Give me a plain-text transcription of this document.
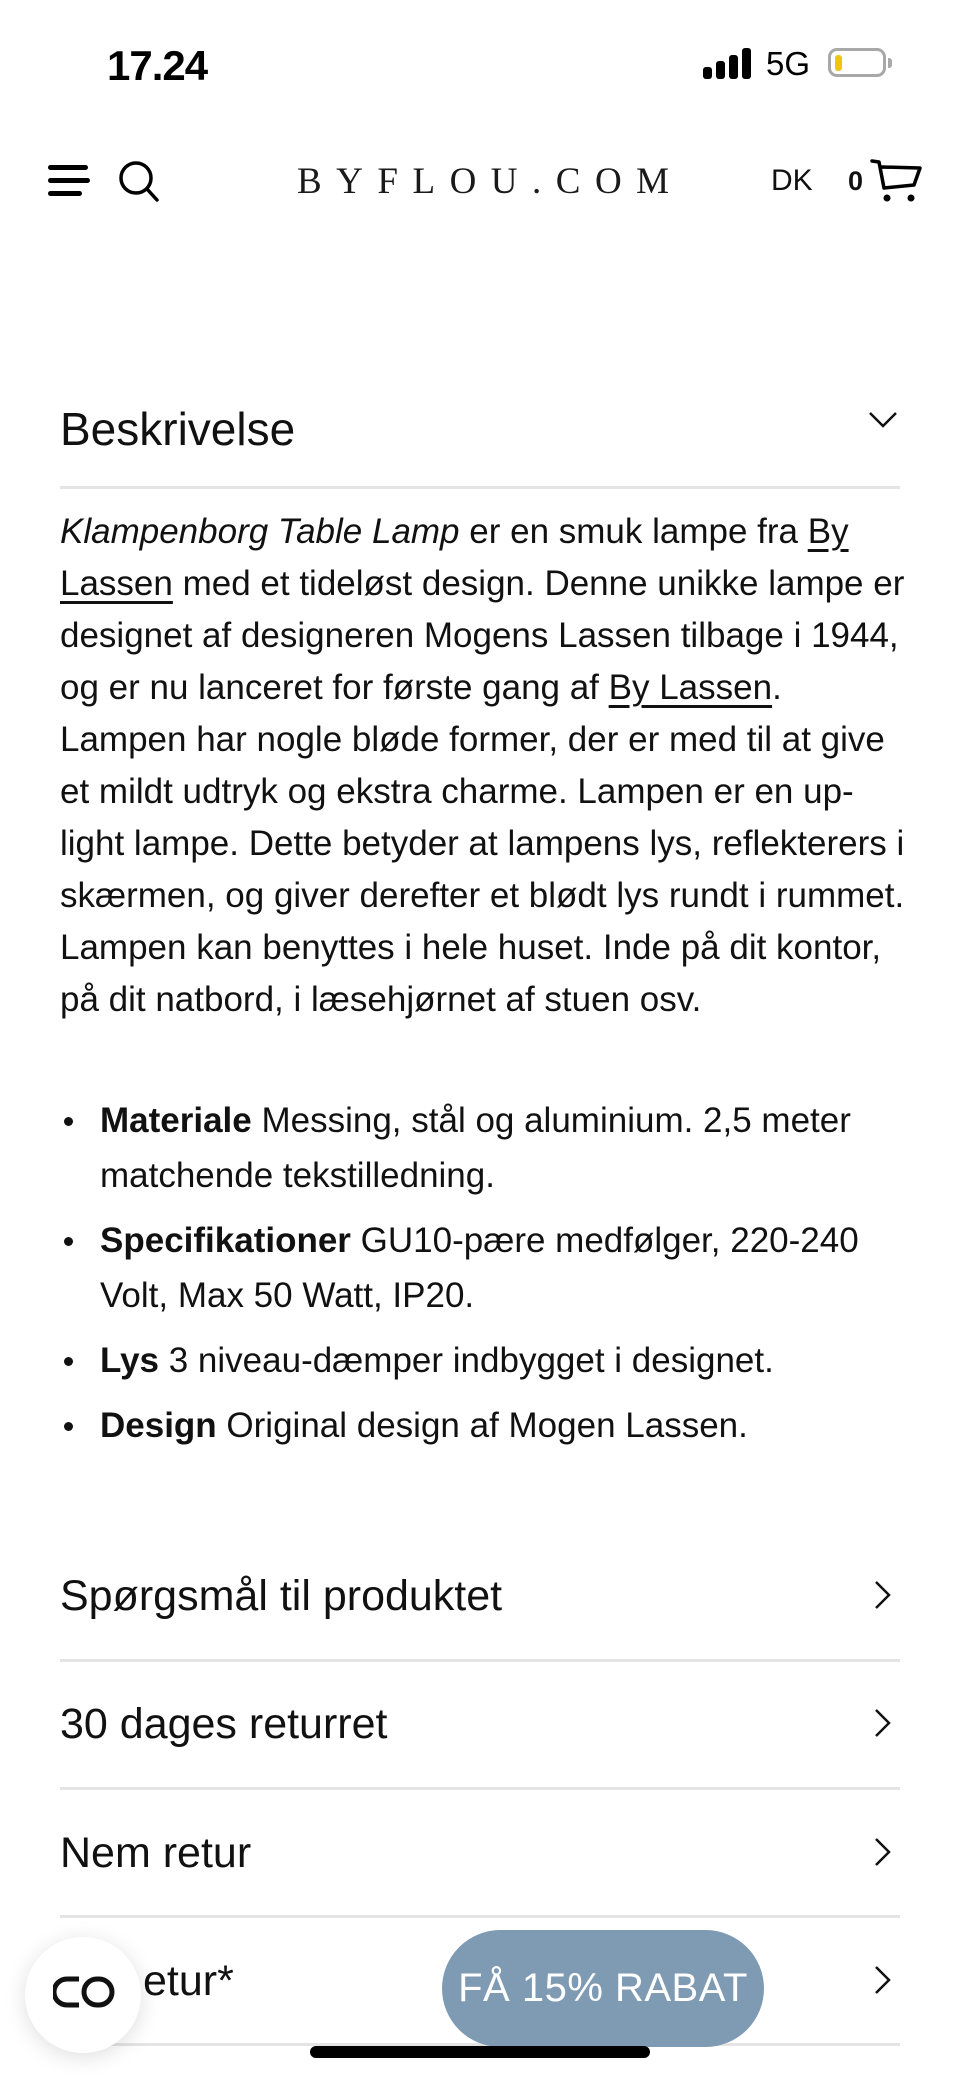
17.24	5G
BYFLOU.COM	DK 0
Beskrivelse
Klampenborg Table Lamp er en smuk lampe fra By Lassen med et tideløst design. Denne unikke lampe er designet af designeren Mogens Lassen tilbage i 1944, og er nu lanceret for første gang af By Lassen. Lampen har nogle bløde former, der er med til at give et mildt udtryk og ekstra charme. Lampen er en up-light lampe. Dette betyder at lampens lys, reflekterers i skærmen, og giver derefter et blødt lys rundt i rummet. Lampen kan benyttes i hele huset. Inde på dit kontor, på dit natbord, i læsehjørnet af stuen osv.
Materiale Messing, stål og aluminium. 2,5 meter matchende tekstilledning.
Specifikationer GU10-pære medfølger, 220-240 Volt, Max 50 Watt, IP20.
Lys 3 niveau-dæmper indbygget i designet.
Design Original design af Mogen Lassen.
Spørgsmål til produktet
30 dages returret
Nem retur
etur*	FÅ 15% RABAT
